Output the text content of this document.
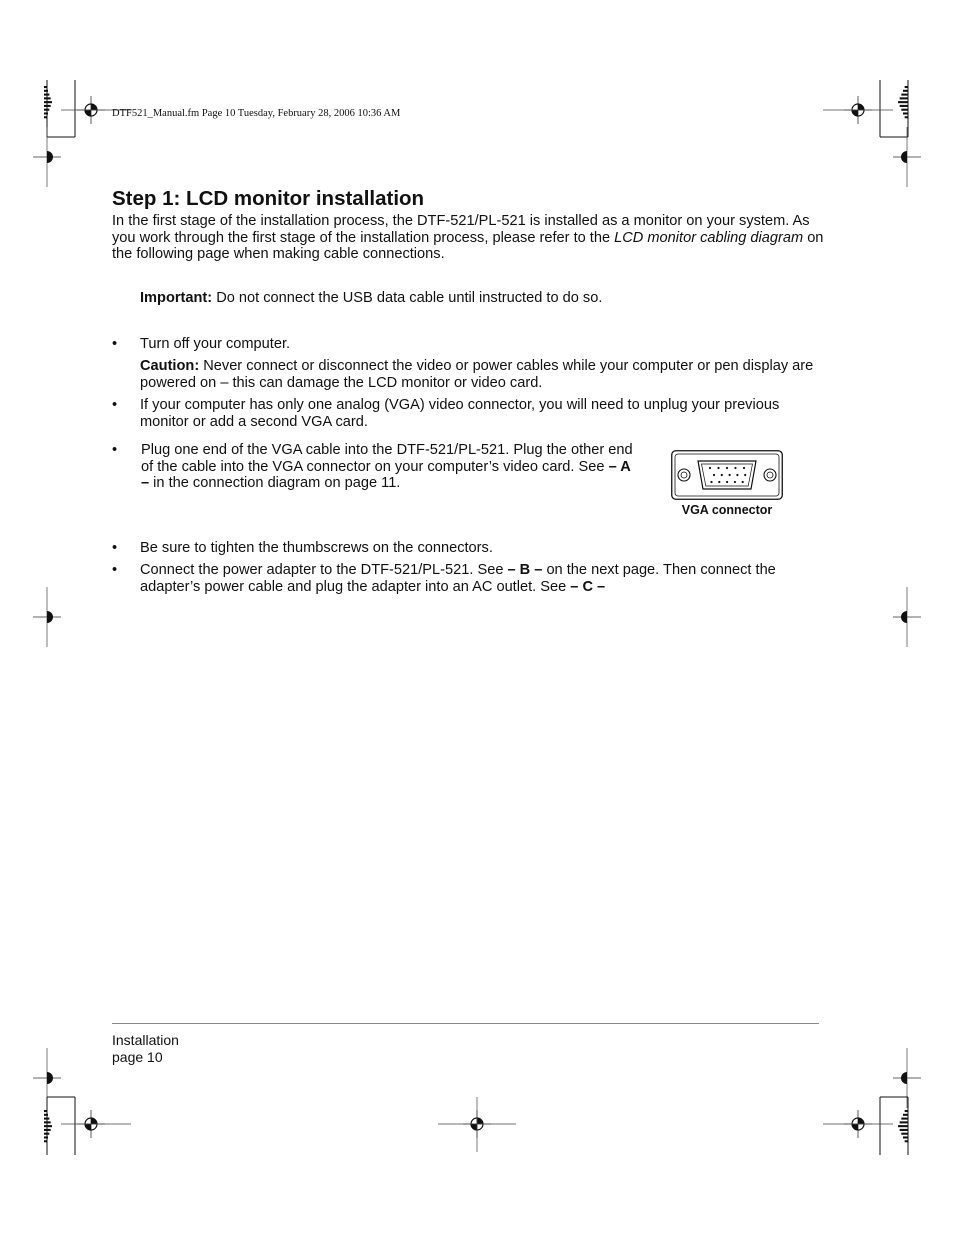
DTF521_Manual.fm Page 10 Tuesday, February 28, 2006 10:36 AM
Step 1: LCD monitor installation
In the first stage of the installation process, the DTF-521/PL-521 is installed as a monitor on your system. As you work through the first stage of the installation process, please refer to the LCD monitor cabling diagram on the following page when making cable connections.
Important: Do not connect the USB data cable until instructed to do so.
• Turn off your computer.
Caution: Never connect or disconnect the video or power cables while your computer or pen display are powered on – this can damage the LCD monitor or video card.
• If your computer has only one analog (VGA) video connector, you will need to unplug your previous monitor or add a second VGA card.
• Plug one end of the VGA cable into the DTF-521/PL-521. Plug the other end of the cable into the VGA connector on your computer’s video card. See – A – in the connection diagram on page 11.
VGA connector
• Be sure to tighten the thumbscrews on the connectors.
• Connect the power adapter to the DTF-521/PL-521. See – B – on the next page. Then connect the adapter’s power cable and plug the adapter into an AC outlet. See – C –
Installation
page 10
